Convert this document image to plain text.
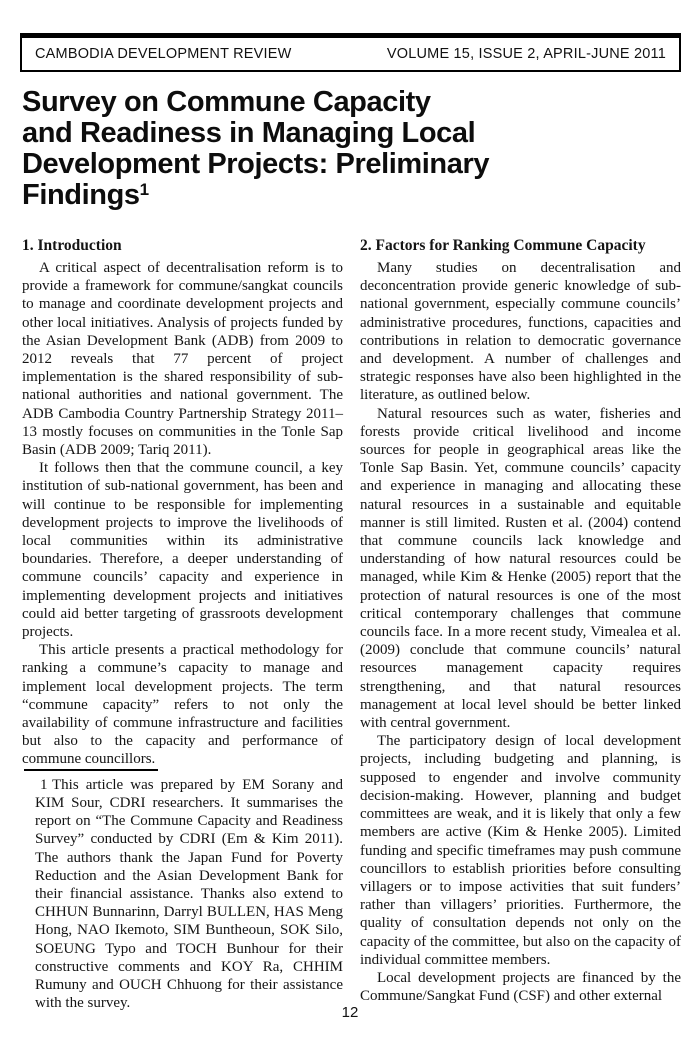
CAMBODIA DEVELOPMENT REVIEW	VOLUME 15, ISSUE 2, APRIL-JUNE 2011
Survey on Commune Capacity
and Readiness in Managing Local
Development Projects: Preliminary
Findings$^1$
1. Introduction

A critical aspect of decentralisation reform is to provide a framework for commune/sangkat councils to manage and coordinate development projects and other local initiatives. Analysis of projects funded by the Asian Development Bank (ADB) from 2009 to 2012 reveals that 77 percent of project implementation is the shared responsibility of sub-national authorities and national government. The ADB Cambodia Country Partnership Strategy 2011–13 mostly focuses on communities in the Tonle Sap Basin (ADB 2009; Tariq 2011).

It follows then that the commune council, a key institution of sub-national government, has been and will continue to be responsible for implementing development projects to improve the livelihoods of local communities within its administrative boundaries. Therefore, a deeper understanding of commune councils’ capacity and experience in implementing development projects and initiatives could aid better targeting of grassroots development projects.

This article presents a practical methodology for ranking a commune’s capacity to manage and implement local development projects. The term “commune capacity” refers to not only the availability of commune infrastructure and facilities but also to the capacity and performance of commune councillors.

1 This article was prepared by EM Sorany and KIM Sour, CDRI researchers. It summarises the report on “The Commune Capacity and Readiness Survey” conducted by CDRI (Em & Kim 2011). The authors thank the Japan Fund for Poverty Reduction and the Asian Development Bank for their financial assistance. Thanks also extend to CHHUN Bunnarinn, Darryl BULLEN, HAS Meng Hong, NAO Ikemoto, SIM Buntheoun, SOK Silo, SOEUNG Typo and TOCH Bunhour for their constructive comments and KOY Ra, CHHIM Rumuny and OUCH Chhuong for their assistance with the survey.

2. Factors for Ranking Commune Capacity

Many studies on decentralisation and deconcentration provide generic knowledge of sub-national government, especially commune councils’ administrative procedures, functions, capacities and contributions in relation to democratic governance and development. A number of challenges and strategic responses have also been highlighted in the literature, as outlined below.

Natural resources such as water, fisheries and forests provide critical livelihood and income sources for people in geographical areas like the Tonle Sap Basin. Yet, commune councils’ capacity and experience in managing and allocating these natural resources in a sustainable and equitable manner is still limited. Rusten et al. (2004) contend that commune councils lack knowledge and understanding of how natural resources could be managed, while Kim & Henke (2005) report that the protection of natural resources is one of the most critical contemporary challenges that commune councils face. In a more recent study, Vimealea et al. (2009) conclude that commune councils’ natural resources management capacity requires strengthening, and that natural resources management at local level should be better linked with central government.

The participatory design of local development projects, including budgeting and planning, is supposed to engender and involve community decision-making. However, planning and budget committees are weak, and it is likely that only a few members are active (Kim & Henke 2005). Limited funding and specific timeframes may push commune councillors to establish priorities before consulting villagers or to impose activities that suit funders’ rather than villagers’ priorities. Furthermore, the quality of consultation depends not only on the capacity of the committee, but also on the capacity of individual committee members.

Local development projects are financed by the Commune/Sangkat Fund (CSF) and other external

12
